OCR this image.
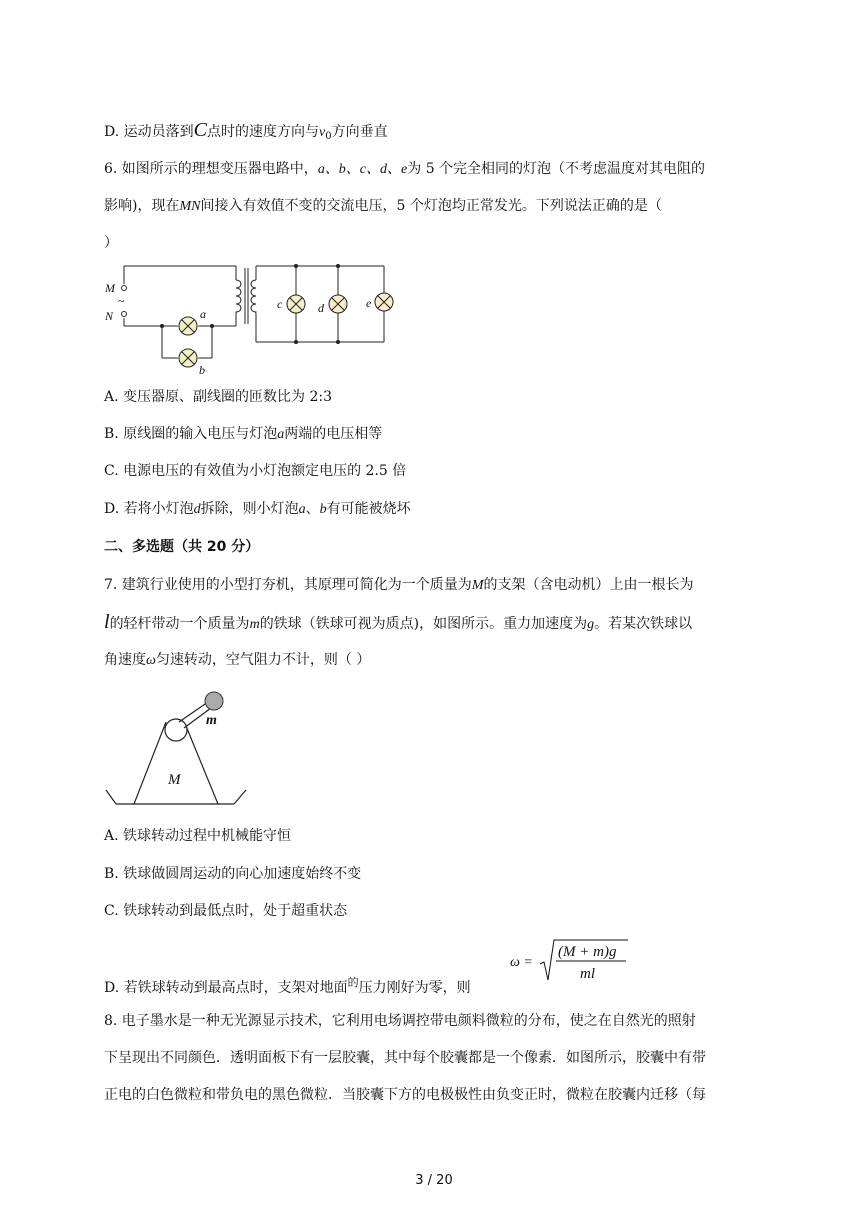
D. 运动员落到C点时的速度方向与$v_0$方向垂直
6. 如图所示的理想变压器电路中，a、b、c、d、e为 5 个完全相同的灯泡（不考虑温度对其电阻的
影响)，现在MN间接入有效值不变的交流电压，5 个灯泡均正常发光。下列说法正确的是（
）
M
~
N	a
b
c	d	e
A. 变压器原、副线圈的匝数比为 2:3
B. 原线圈的输入电压与灯泡a两端的电压相等
C. 电源电压的有效值为小灯泡额定电压的 2.5 倍
D. 若将小灯泡d拆除，则小灯泡a、b有可能被烧坏
二、多选题（共 20 分）
7. 建筑行业使用的小型打夯机，其原理可简化为一个质量为M的支架（含电动机）上由一根长为
l的轻杆带动一个质量为m的铁球（铁球可视为质点)，如图所示。重力加速度为g。若某次铁球以
角速度ω匀速转动，空气阻力不计，则（ ）
m
M
A. 铁球转动过程中机械能守恒
B. 铁球做圆周运动的向心加速度始终不变
C. 铁球转动到最低点时，处于超重状态
D. 若铁球转动到最高点时，支架对地面$^的$压力刚好为零，则
ω =
(M + m)g
ml
8. 电子墨水是一种无光源显示技术，它利用电场调控带电颜料微粒的分布，使之在自然光的照射
下呈现出不同颜色．透明面板下有一层胶囊，其中每个胶囊都是一个像素．如图所示，胶囊中有带
正电的白色微粒和带负电的黑色微粒．当胶囊下方的电极极性由负变正时，微粒在胶囊内迁移（每
3 / 20
